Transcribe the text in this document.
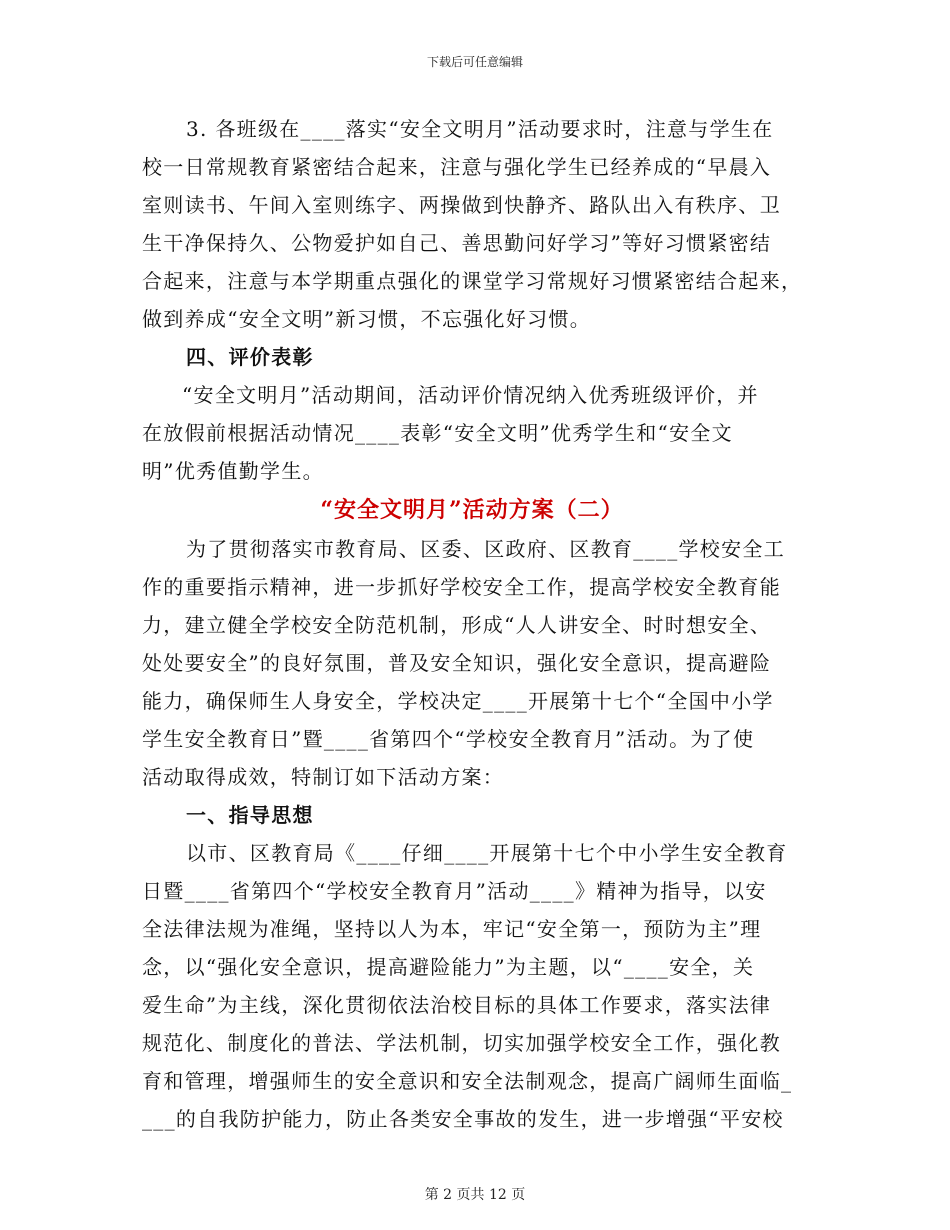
下载后可任意编辑
3. 各班级在____落实“安全文明月”活动要求时，注意与学生在
校一日常规教育紧密结合起来，注意与强化学生已经养成的“早晨入
室则读书、午间入室则练字、两操做到快静齐、路队出入有秩序、卫
生干净保持久、公物爱护如自己、善思勤问好学习”等好习惯紧密结
合起来，注意与本学期重点强化的课堂学习常规好习惯紧密结合起来，
做到养成“安全文明”新习惯，不忘强化好习惯。
四、评价表彰
“安全文明月”活动期间，活动评价情况纳入优秀班级评价，并
在放假前根据活动情况____表彰“安全文明”优秀学生和“安全文
明”优秀值勤学生。
“安全文明月”活动方案（二）
为了贯彻落实市教育局、区委、区政府、区教育____学校安全工
作的重要指示精神，进一步抓好学校安全工作，提高学校安全教育能
力，建立健全学校安全防范机制，形成“人人讲安全、时时想安全、
处处要安全”的良好氛围，普及安全知识，强化安全意识，提高避险
能力，确保师生人身安全，学校决定____开展第十七个“全国中小学
学生安全教育日”暨____省第四个“学校安全教育月”活动。为了使
活动取得成效，特制订如下活动方案：
一、指导思想
以市、区教育局《____仔细____开展第十七个中小学生安全教育
日暨____省第四个“学校安全教育月”活动____》精神为指导，以安
全法律法规为准绳，坚持以人为本，牢记“安全第一，预防为主”理
念，以“强化安全意识，提高避险能力”为主题，以“____安全，关
爱生命”为主线，深化贯彻依法治校目标的具体工作要求，落实法律
规范化、制度化的普法、学法机制，切实加强学校安全工作，强化教
育和管理，增强师生的安全意识和安全法制观念，提高广阔师生面临_
___的自我防护能力，防止各类安全事故的发生，进一步增强“平安校
第 2 页共 12 页
